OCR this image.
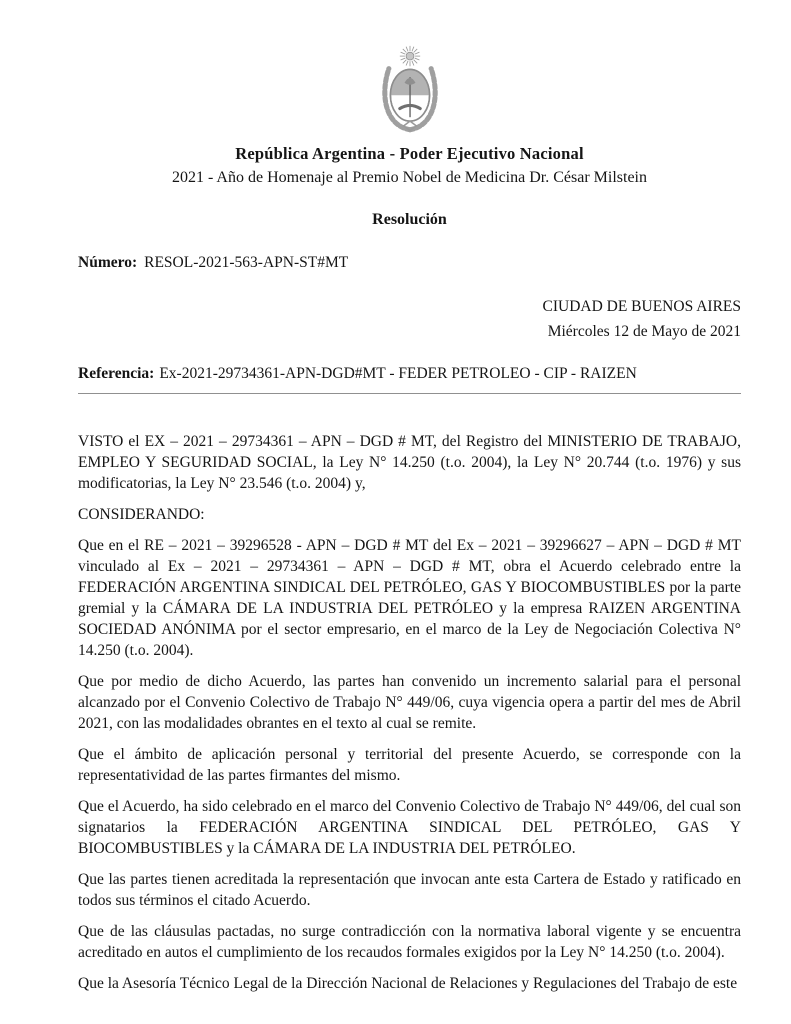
República Argentina - Poder Ejecutivo Nacional
2021 - Año de Homenaje al Premio Nobel de Medicina Dr. César Milstein
Resolución
Número: RESOL-2021-563-APN-ST#MT
CIUDAD DE BUENOS AIRES
Miércoles 12 de Mayo de 2021
Referencia: Ex-2021-29734361-APN-DGD#MT - FEDER PETROLEO - CIP - RAIZEN

VISTO el EX – 2021 – 29734361 – APN – DGD # MT, del Registro del MINISTERIO DE TRABAJO, EMPLEO Y SEGURIDAD SOCIAL, la Ley N° 14.250 (t.o. 2004), la Ley N° 20.744 (t.o. 1976) y sus modificatorias, la Ley N° 23.546 (t.o. 2004) y,

CONSIDERANDO:

Que en el RE – 2021 – 39296528 - APN – DGD # MT del Ex – 2021 – 39296627 – APN – DGD # MT vinculado al Ex – 2021 – 29734361 – APN – DGD # MT, obra el Acuerdo celebrado entre la FEDERACIÓN ARGENTINA SINDICAL DEL PETRÓLEO, GAS Y BIOCOMBUSTIBLES por la parte gremial y la CÁMARA DE LA INDUSTRIA DEL PETRÓLEO y la empresa RAIZEN ARGENTINA SOCIEDAD ANÓNIMA por el sector empresario, en el marco de la Ley de Negociación Colectiva N° 14.250 (t.o. 2004).

Que por medio de dicho Acuerdo, las partes han convenido un incremento salarial para el personal alcanzado por el Convenio Colectivo de Trabajo N° 449/06, cuya vigencia opera a partir del mes de Abril 2021, con las modalidades obrantes en el texto al cual se remite.

Que el ámbito de aplicación personal y territorial del presente Acuerdo, se corresponde con la representatividad de las partes firmantes del mismo.

Que el Acuerdo, ha sido celebrado en el marco del Convenio Colectivo de Trabajo N° 449/06, del cual son signatarios la FEDERACIÓN ARGENTINA SINDICAL DEL PETRÓLEO, GAS Y BIOCOMBUSTIBLES y la CÁMARA DE LA INDUSTRIA DEL PETRÓLEO.

Que las partes tienen acreditada la representación que invocan ante esta Cartera de Estado y ratificado en todos sus términos el citado Acuerdo.

Que de las cláusulas pactadas, no surge contradicción con la normativa laboral vigente y se encuentra acreditado en autos el cumplimiento de los recaudos formales exigidos por la Ley N° 14.250 (t.o. 2004).

Que la Asesoría Técnico Legal de la Dirección Nacional de Relaciones y Regulaciones del Trabajo de este
